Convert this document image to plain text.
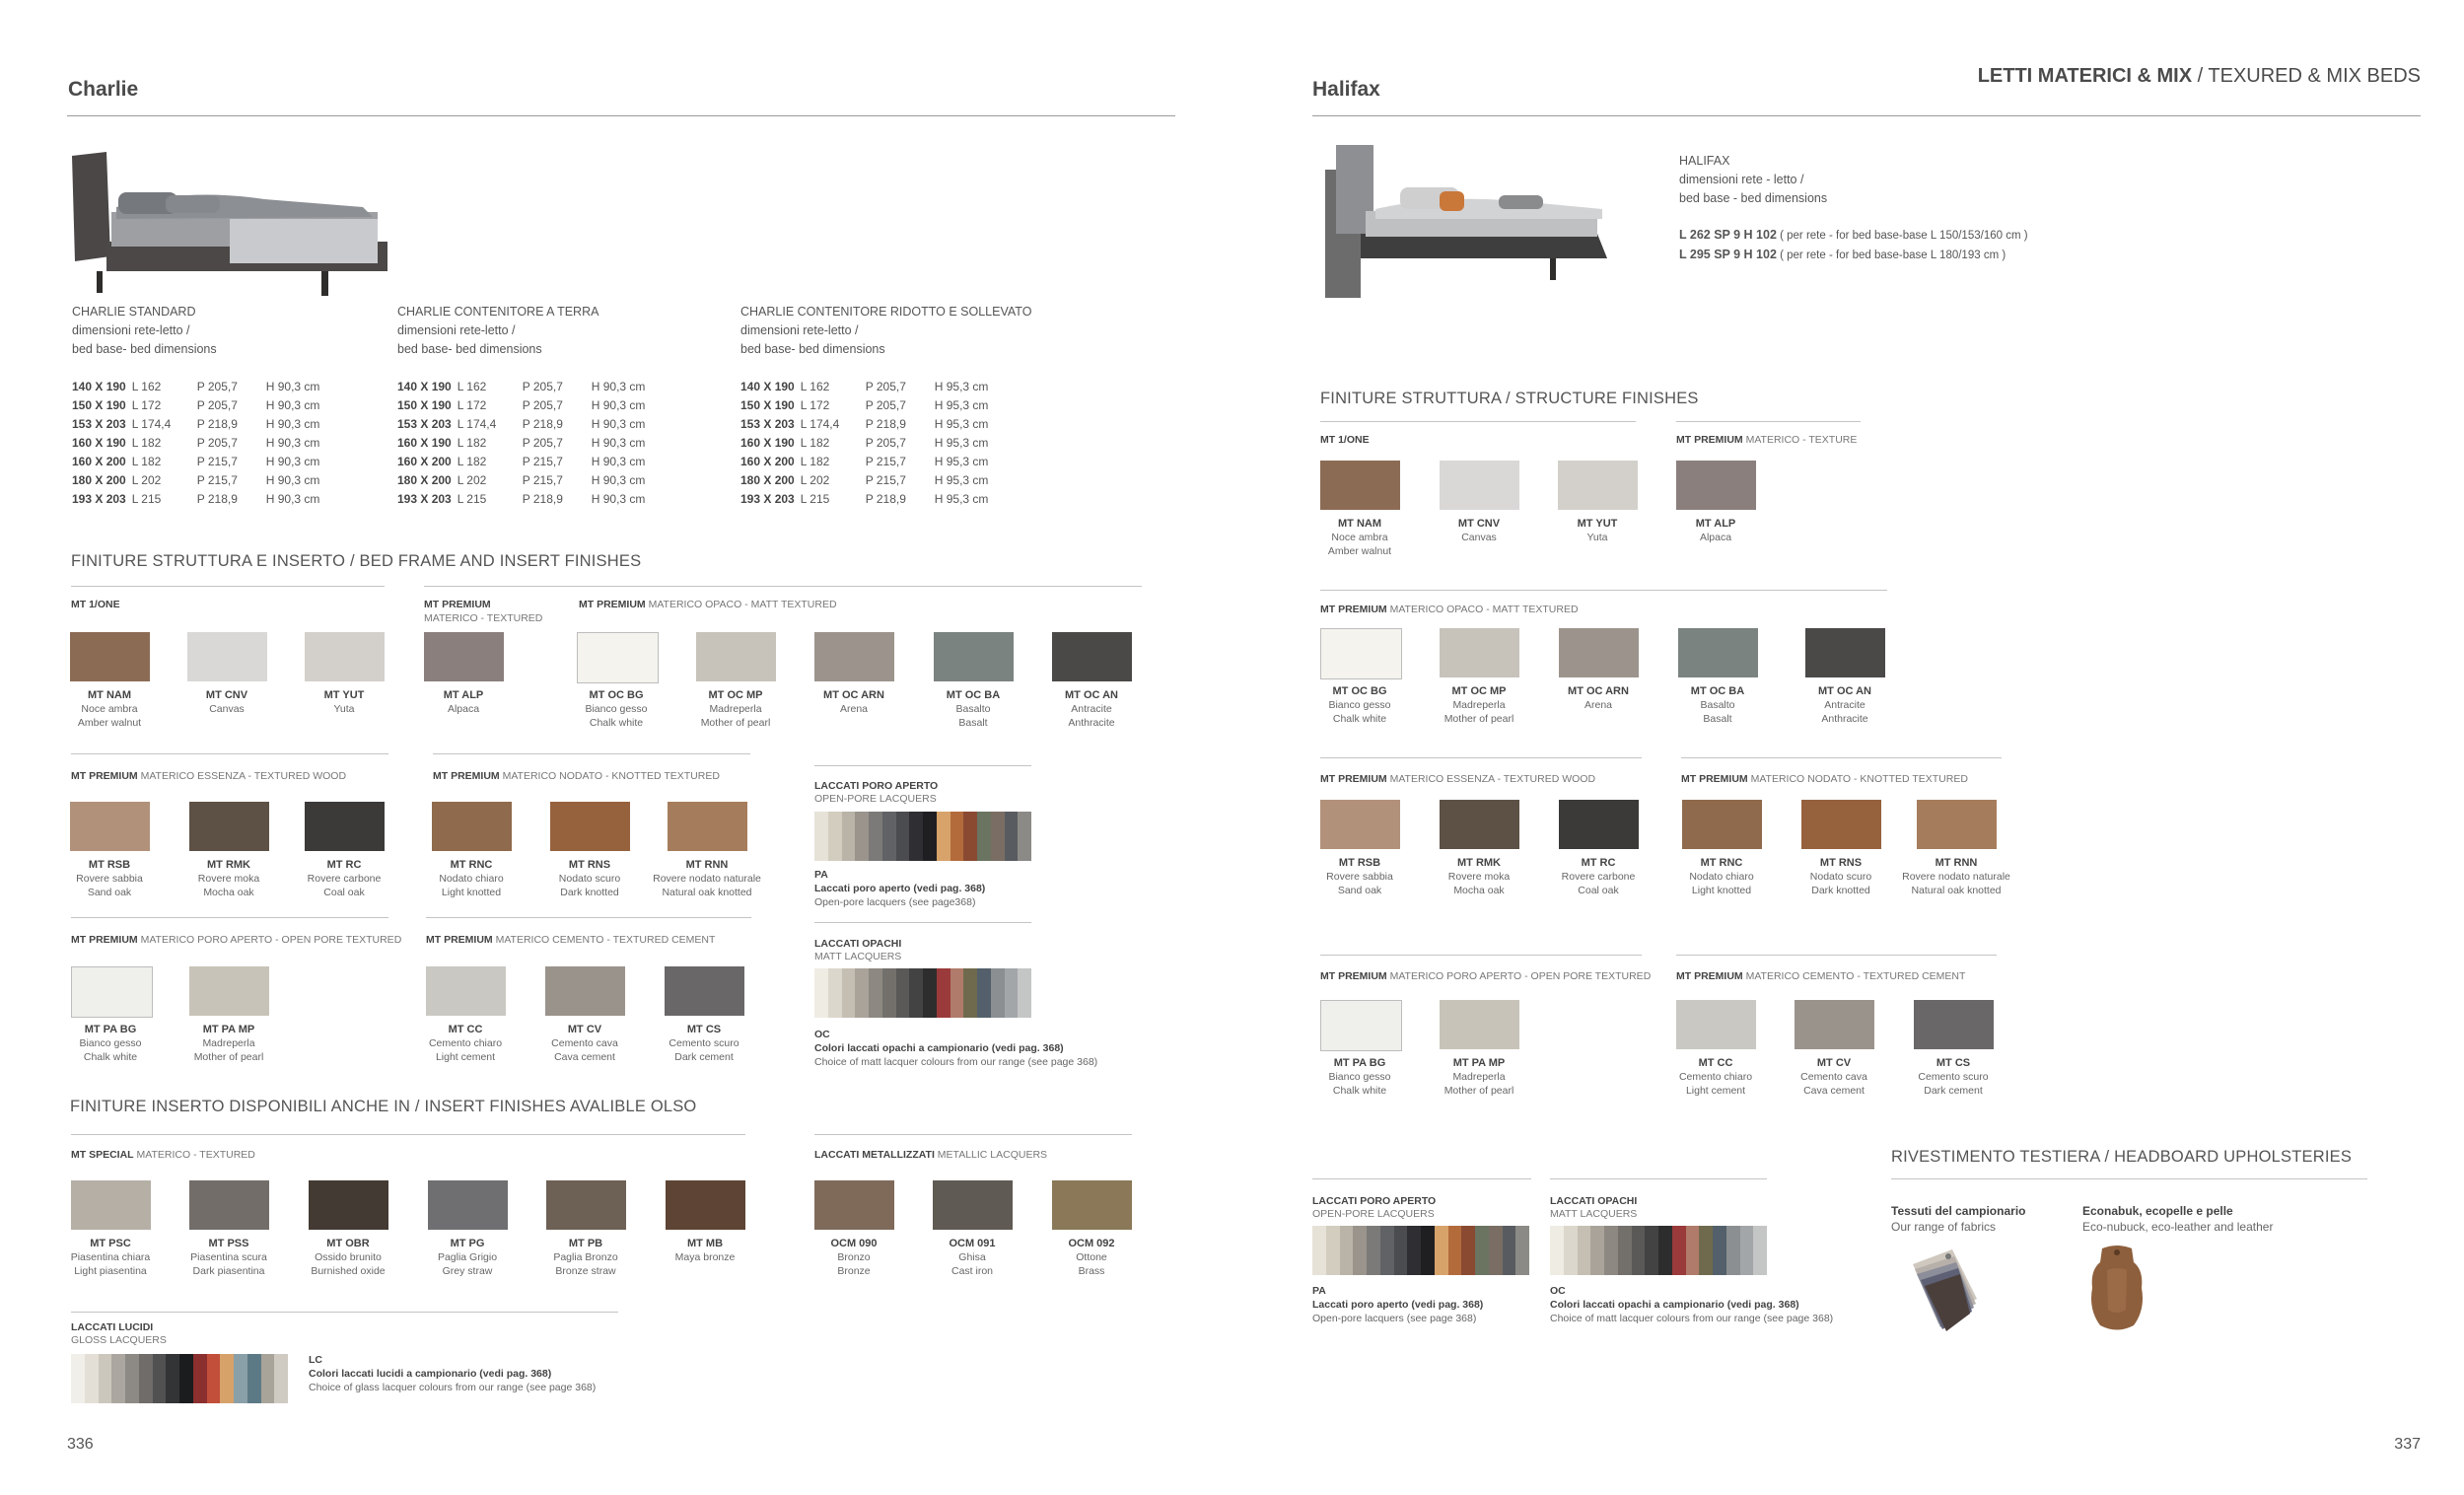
Charlie
CHARLIE STANDARD
dimensioni rete-letto /
bed base- bed dimensions
CHARLIE CONTENITORE A TERRA
dimensioni rete-letto /
bed base- bed dimensions
CHARLIE CONTENITORE RIDOTTO E SOLLEVATO
dimensioni rete-letto /
bed base- bed dimensions
140 X 190 L 162	P 205,7 H 90,3 cm
150 X 190 L 172	P 205,7 H 90,3 cm
153 X 203 L 174,4 P 218,9 H 90,3 cm
160 X 190 L 182	P 205,7 H 90,3 cm
160 X 200 L 182	P 215,7 H 90,3 cm
180 X 200 L 202	P 215,7 H 90,3 cm
193 X 203 L 215	P 218,9 H 90,3 cm
140 X 190 L 162	P 205,7 H 90,3 cm
150 X 190 L 172	P 205,7 H 90,3 cm
153 X 203 L 174,4 P 218,9 H 90,3 cm
160 X 190 L 182	P 205,7 H 90,3 cm
160 X 200 L 182	P 215,7 H 90,3 cm
180 X 200 L 202	P 215,7 H 90,3 cm
193 X 203 L 215	P 218,9 H 90,3 cm
140 X 190 L 162	P 205,7 H 95,3 cm
150 X 190 L 172	P 205,7 H 95,3 cm
153 X 203 L 174,4 P 218,9 H 95,3 cm
160 X 190 L 182	P 205,7 H 95,3 cm
160 X 200 L 182	P 215,7 H 95,3 cm
180 X 200 L 202	P 215,7 H 95,3 cm
193 X 203 L 215	P 218,9 H 95,3 cm
FINITURE STRUTTURA E INSERTO / BED FRAME AND INSERT FINISHES
MT 1/ONE	MT PREMIUM
MATERICO - TEXTURED
MT PREMIUM MATERICO OPACO - MATT TEXTURED
MT NAM
Noce ambra
Amber walnut
MT CNV
Canvas
MT YUT
Yuta
MT ALP
Alpaca
MT OC BG
Bianco gesso
Chalk white
MT OC MP
Madreperla
Mother of pearl
MT OC ARN
Arena
MT OC BA
Basalto
Basalt
MT OC AN
Antracite
Anthracite
MT PREMIUM MATERICO ESSENZA - TEXTURED WOOD	MT PREMIUM MATERICO NODATO - KNOTTED TEXTURED
MT RSB
Rovere sabbia
Sand oak
MT RMK
Rovere moka
Mocha oak
MT RC
Rovere carbone
Coal oak
MT RNC
Nodato chiaro
Light knotted
MT RNS
Nodato scuro
Dark knotted
MT RNN
Rovere nodato naturale
Natural oak knotted
LACCATI PORO APERTO
OPEN-PORE LACQUERS
PA
Laccati poro aperto (vedi pag. 368)
Open-pore lacquers (see page368)
MT PREMIUM MATERICO PORO APERTO - OPEN PORE TEXTURED MT PREMIUM MATERICO CEMENTO - TEXTURED CEMENT
MT PA BG
Bianco gesso
Chalk white
MT PA MP
Madreperla
Mother of pearl
MT CC
Cemento chiaro
Light cement
MT CV
Cemento cava
Cava cement
MT CS
Cemento scuro
Dark cement
LACCATI OPACHI
MATT LACQUERS
OC
Colori laccati opachi a campionario (vedi pag. 368)
Choice of matt lacquer colours from our range (see page 368)
FINITURE INSERTO DISPONIBILI ANCHE IN / INSERT FINISHES AVALIBLE OLSO
MT SPECIAL MATERICO - TEXTURED	LACCATI METALLIZZATI METALLIC LACQUERS
MT PSC
Piasentina chiara
Light piasentina
MT PSS
Piasentina scura
Dark piasentina
MT OBR
Ossido brunito
Burnished oxide
MT PG
Paglia Grigio
Grey straw
MT PB
Paglia Bronzo
Bronze straw
MT MB
Maya bronze
OCM 090
Bronzo
Bronze
OCM 091
Ghisa
Cast iron
OCM 092
Ottone
Brass
LACCATI LUCIDI
GLOSS LACQUERS
LC
Colori laccati lucidi a campionario (vedi pag. 368)
Choice of glass lacquer colours from our range (see page 368)
336
Halifax
LETTI MATERICI & MIX / TEXURED & MIX BEDS
HALIFAX
dimensioni rete - letto /
bed base - bed dimensions
L 262 SP 9 H 102 ( per rete - for bed base-base L 150/153/160 cm )
L 295 SP 9 H 102 ( per rete - for bed base-base L 180/193 cm )
FINITURE STRUTTURA / STRUCTURE FINISHES
MT 1/ONE	MT PREMIUM MATERICO - TEXTURE
MT NAM
Noce ambra
Amber walnut
MT CNV
Canvas
MT YUT
Yuta
MT ALP
Alpaca
MT PREMIUM MATERICO OPACO - MATT TEXTURED
MT OC BG
Bianco gesso
Chalk white
MT OC MP
Madreperla
Mother of pearl
MT OC ARN
Arena
MT OC BA
Basalto
Basalt
MT OC AN
Antracite
Anthracite
MT PREMIUM MATERICO ESSENZA - TEXTURED WOOD	MT PREMIUM MATERICO NODATO - KNOTTED TEXTURED
MT RSB
Rovere sabbia
Sand oak
MT RMK
Rovere moka
Mocha oak
MT RC
Rovere carbone
Coal oak
MT RNC
Nodato chiaro
Light knotted
MT RNS
Nodato scuro
Dark knotted
MT RNN
Rovere nodato naturale
Natural oak knotted
MT PREMIUM MATERICO PORO APERTO - OPEN PORE TEXTURED MT PREMIUM MATERICO CEMENTO - TEXTURED CEMENT
MT PA BG
Bianco gesso
Chalk white
MT PA MP
Madreperla
Mother of pearl
MT CC
Cemento chiaro
Light cement
MT CV
Cemento cava
Cava cement
MT CS
Cemento scuro
Dark cement
LACCATI PORO APERTO
OPEN-PORE LACQUERS
PA
Laccati poro aperto (vedi pag. 368)
Open-pore lacquers (see page 368)
LACCATI OPACHI
MATT LACQUERS
OC
Colori laccati opachi a campionario (vedi pag. 368)
Choice of matt lacquer colours from our range (see page 368)
RIVESTIMENTO TESTIERA / HEADBOARD UPHOLSTERIES
Tessuti del campionario
Our range of fabrics
Econabuk, ecopelle e pelle
Eco-nubuck, eco-leather and leather
337
